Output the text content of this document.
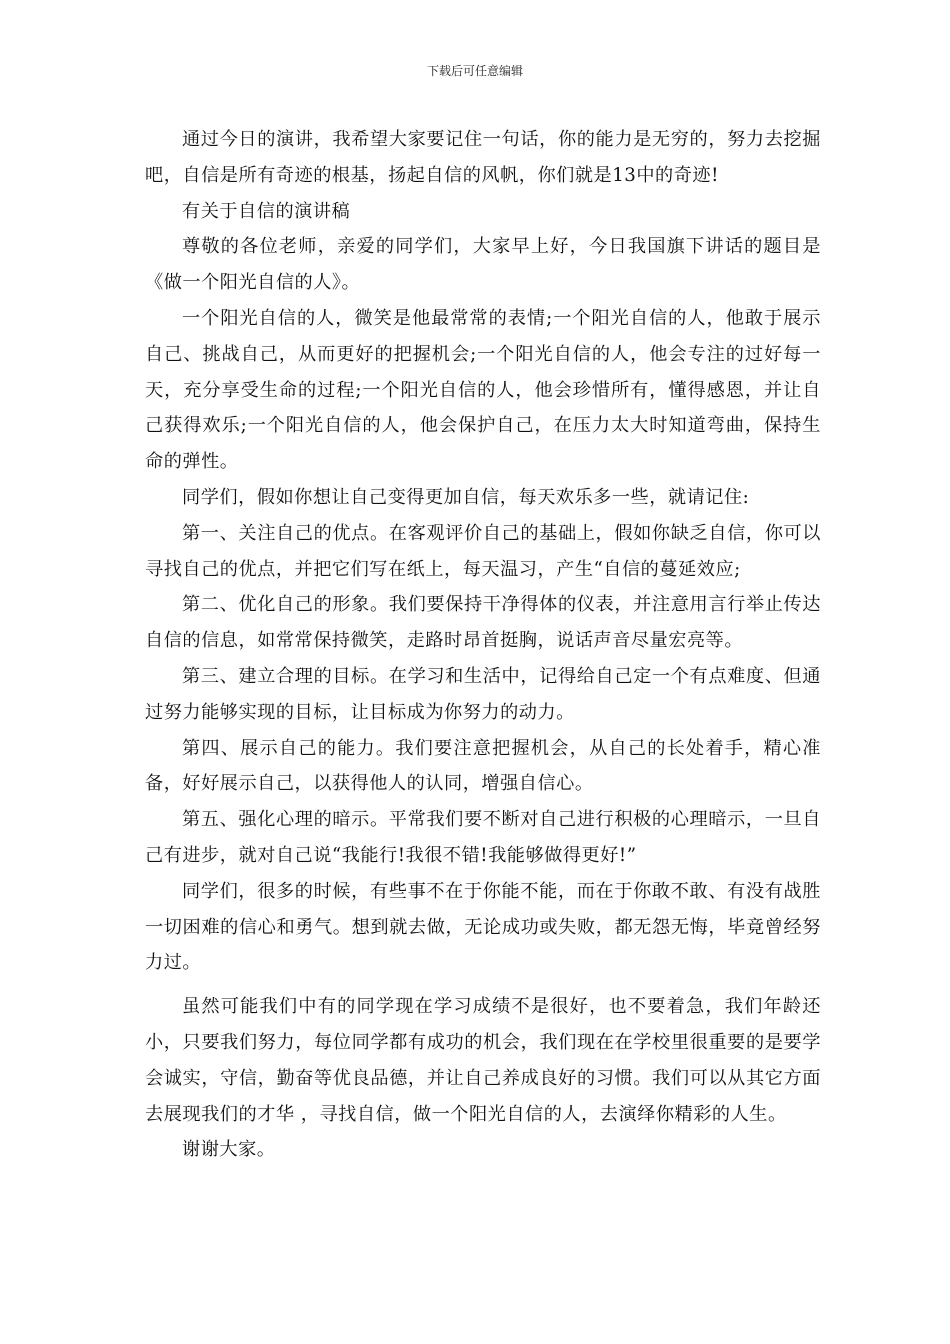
下载后可任意编辑

通过今日的演讲，我希望大家要记住一句话，你的能力是无穷的，努力去挖掘吧，自信是所有奇迹的根基，扬起自信的风帆，你们就是13中的奇迹!

有关于自信的演讲稿

尊敬的各位老师，亲爱的同学们，大家早上好，今日我国旗下讲话的题目是《做一个阳光自信的人》。

一个阳光自信的人，微笑是他最常常的表情;一个阳光自信的人，他敢于展示自己、挑战自己，从而更好的把握机会;一个阳光自信的人，他会专注的过好每一天，充分享受生命的过程;一个阳光自信的人，他会珍惜所有，懂得感恩，并让自己获得欢乐;一个阳光自信的人，他会保护自己，在压力太大时知道弯曲，保持生命的弹性。

同学们，假如你想让自己变得更加自信，每天欢乐多一些，就请记住:

第一、关注自己的优点。在客观评价自己的基础上，假如你缺乏自信，你可以寻找自己的优点，并把它们写在纸上，每天温习，产生“自信的蔓延效应;

第二、优化自己的形象。我们要保持干净得体的仪表，并注意用言行举止传达自信的信息，如常常保持微笑，走路时昂首挺胸，说话声音尽量宏亮等。

第三、建立合理的目标。在学习和生活中，记得给自己定一个有点难度、但通过努力能够实现的目标，让目标成为你努力的动力。

第四、展示自己的能力。我们要注意把握机会，从自己的长处着手，精心准备，好好展示自己，以获得他人的认同，增强自信心。

第五、强化心理的暗示。平常我们要不断对自己进行积极的心理暗示，一旦自己有进步，就对自己说“我能行!我很不错!我能够做得更好!”

同学们，很多的时候，有些事不在于你能不能，而在于你敢不敢、有没有战胜一切困难的信心和勇气。想到就去做，无论成功或失败，都无怨无悔，毕竟曾经努力过。

虽然可能我们中有的同学现在学习成绩不是很好，也不要着急，我们年龄还小，只要我们努力，每位同学都有成功的机会，我们现在在学校里很重要的是要学会诚实，守信，勤奋等优良品德，并让自己养成良好的习惯。我们可以从其它方面去展现我们的才华 ，寻找自信，做一个阳光自信的人，去演绎你精彩的人生。

谢谢大家。
